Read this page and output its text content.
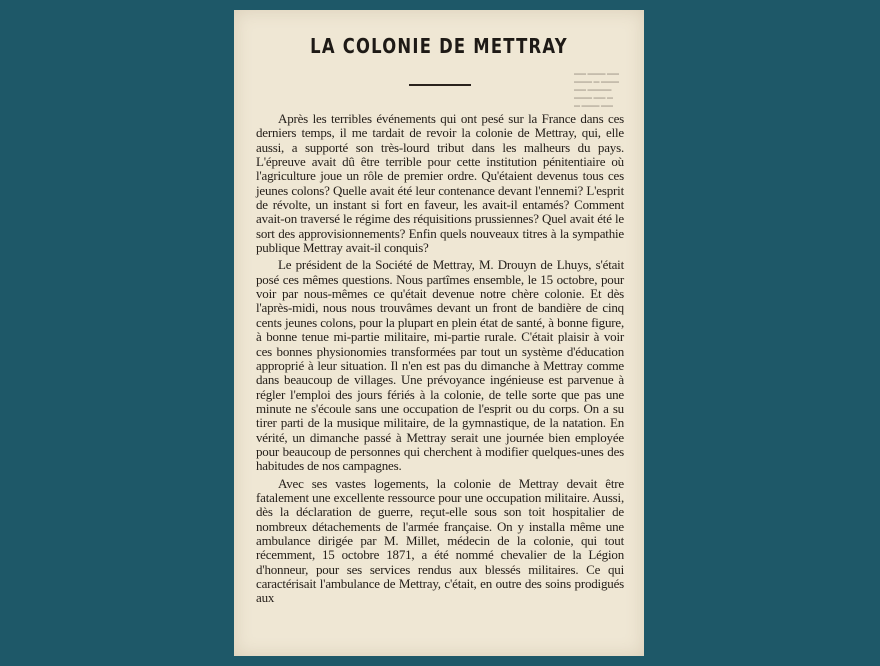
▬▬ ▬▬▬ ▬▬
▬▬▬ ▬ ▬▬▬
▬▬ ▬▬▬▬
▬▬▬ ▬▬ ▬
▬ ▬▬▬ ▬▬
LA COLONIE DE METTRAY

Après les terribles événements qui ont pesé sur la France dans ces derniers temps, il me tardait de revoir la colonie de Mettray, qui, elle aussi, a supporté son très-lourd tribut dans les malheurs du pays. L'épreuve avait dû être terrible pour cette institution pénitentiaire où l'agriculture joue un rôle de premier ordre. Qu'étaient devenus tous ces jeunes colons? Quelle avait été leur contenance devant l'ennemi? L'esprit de révolte, un instant si fort en faveur, les avait-il entamés? Comment avait-on traversé le régime des réquisitions prussiennes? Quel avait été le sort des approvisionnements? Enfin quels nouveaux titres à la sympathie publique Mettray avait-il conquis?

Le président de la Société de Mettray, M. Drouyn de Lhuys, s'était posé ces mêmes questions. Nous partîmes ensemble, le 15 octobre, pour voir par nous-mêmes ce qu'était devenue notre chère colonie. Et dès l'après-midi, nous nous trouvâmes devant un front de bandière de cinq cents jeunes colons, pour la plupart en plein état de santé, à bonne figure, à bonne tenue mi-partie militaire, mi-partie rurale. C'était plaisir à voir ces bonnes physionomies transformées par tout un système d'éducation approprié à leur situation. Il n'en est pas du dimanche à Mettray comme dans beaucoup de villages. Une prévoyance ingénieuse est parvenue à régler l'emploi des jours fériés à la colonie, de telle sorte que pas une minute ne s'écoule sans une occupation de l'esprit ou du corps. On a su tirer parti de la musique militaire, de la gymnastique, de la natation. En vérité, un dimanche passé à Mettray serait une journée bien employée pour beaucoup de personnes qui cherchent à modifier quelques-unes des habitudes de nos campagnes.

Avec ses vastes logements, la colonie de Mettray devait être fatalement une excellente ressource pour une occupation militaire. Aussi, dès la déclaration de guerre, reçut-elle sous son toit hospitalier de nombreux détachements de l'armée française. On y installa même une ambulance dirigée par M. Millet, médecin de la colonie, qui tout récemment, 15 octobre 1871, a été nommé chevalier de la Légion d'honneur, pour ses services rendus aux blessés militaires. Ce qui caractérisait l'ambulance de Mettray, c'était, en outre des soins prodigués aux
